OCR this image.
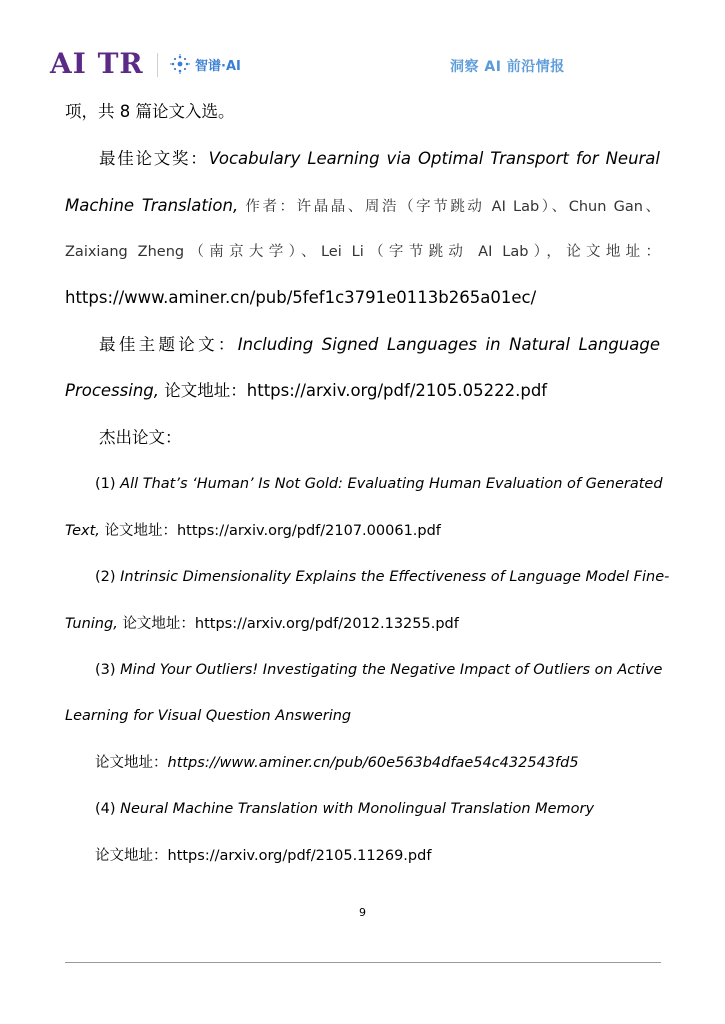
AI TR	智谱·AI	洞察 AI 前沿情报
项，共 8 篇论文入选。
最佳论文奖：Vocabulary Learning via Optimal Transport for Neural
Machine Translation, 作者：许晶晶、周浩（字节跳动 AI Lab）、Chun Gan、
Zaixiang Zheng（南京大学）、Lei Li（字节跳动 AI Lab），论文地址：
https://www.aminer.cn/pub/5fef1c3791e0113b265a01ec/
最佳主题论文：Including Signed Languages in Natural Language
Processing, 论文地址：https://arxiv.org/pdf/2105.05222.pdf
杰出论文：
(1) All That’s ‘Human’ Is Not Gold: Evaluating Human Evaluation of Generated
Text, 论文地址：https://arxiv.org/pdf/2107.00061.pdf
(2) Intrinsic Dimensionality Explains the Effectiveness of Language Model Fine-
Tuning, 论文地址：https://arxiv.org/pdf/2012.13255.pdf
(3) Mind Your Outliers! Investigating the Negative Impact of Outliers on Active
Learning for Visual Question Answering
论文地址：https://www.aminer.cn/pub/60e563b4dfae54c432543fd5
(4) Neural Machine Translation with Monolingual Translation Memory
论文地址：https://arxiv.org/pdf/2105.11269.pdf
9
